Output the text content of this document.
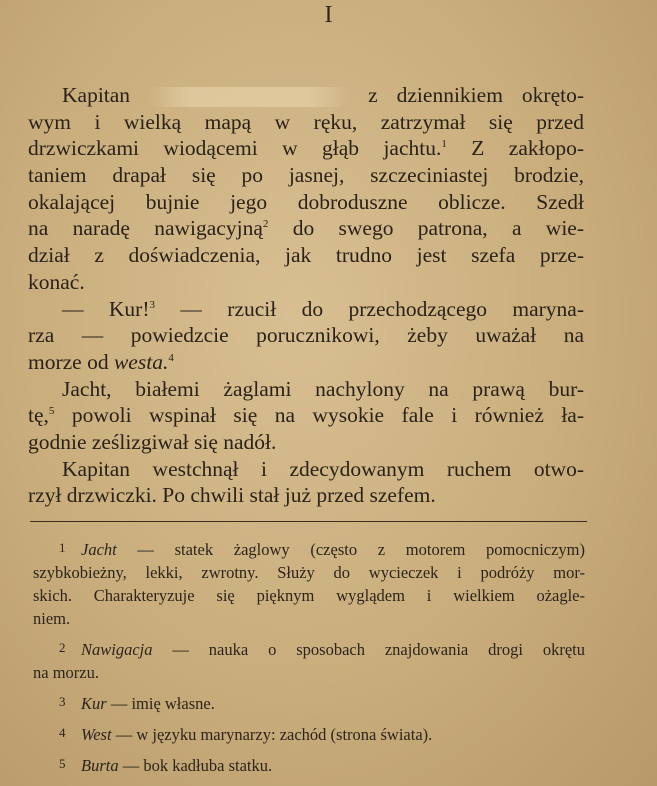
I
Kapitan	z dziennikiem okręto-
wym i wielką mapą w ręku, zatrzymał się przed
drzwiczkami wiodącemi w głąb jachtu.$^1$ Z zakłopo-
taniem drapał się po jasnej, szczeciniastej brodzie,
okalającej bujnie jego dobroduszne oblicze. Szedł
na naradę nawigacyjną$^2$ do swego patrona, a wie-
dział z doświadczenia, jak trudno jest szefa prze-
konać.
— Kur!$^3$ — rzucił do przechodzącego maryna-
rza — powiedzcie porucznikowi, żeby uważał na
morze od westa.$^4$
Jacht, białemi żaglami nachylony na prawą bur-
tę,$^5$ powoli wspinał się na wysokie fale i również ła-
godnie ześlizgiwał się nadół.
Kapitan westchnął i zdecydowanym ruchem otwo-
rzył drzwiczki. Po chwili stał już przed szefem.
1 Jacht — statek żaglowy (często z motorem pomocniczym)
szybkobieżny, lekki, zwrotny. Służy do wycieczek i podróży mor-
skich. Charakteryzuje się pięknym wyglądem i wielkiem ożagle-
niem.
2 Nawigacja — nauka o sposobach znajdowania drogi okrętu
na morzu.
3 Kur — imię własne.
4 West — w języku marynarzy: zachód (strona świata).
5 Burta — bok kadłuba statku.
